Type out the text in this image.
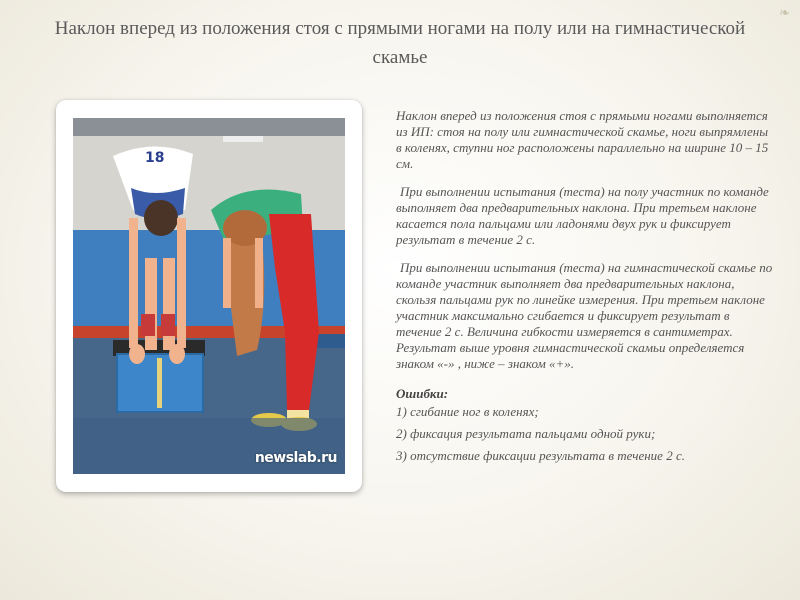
❧
Наклон вперед из положения стоя с прямыми ногами на полу или на гимнастической скамье
18
newslab.ru

Наклон вперед из положения стоя с прямыми ногами выполняется из ИП: стоя на полу или гимнастической скамье, ноги выпрямлены в коленях, ступни ног расположены параллельно на ширине 10 – 15 см.

При выполнении испытания (теста) на полу участник по команде выполняет два предварительных наклона. При третьем наклоне касается пола пальцами или ладонями двух рук и фиксирует результат в течение 2 с.

При выполнении испытания (теста) на гимнастической скамье по команде участник выполняет два предварительных наклона, скользя пальцами рук по линейке измерения. При третьем наклоне участник максимально сгибается и фиксирует результат в течение 2 с. Величина гибкости измеряется в сантиметрах. Результат выше уровня гимнастической скамьи определяется знаком «-» , ниже – знаком «+».

Ошибки:
1) сгибание ног в коленях;
2) фиксация результата пальцами одной руки;
3) отсутствие фиксации результата в течение 2 с.
